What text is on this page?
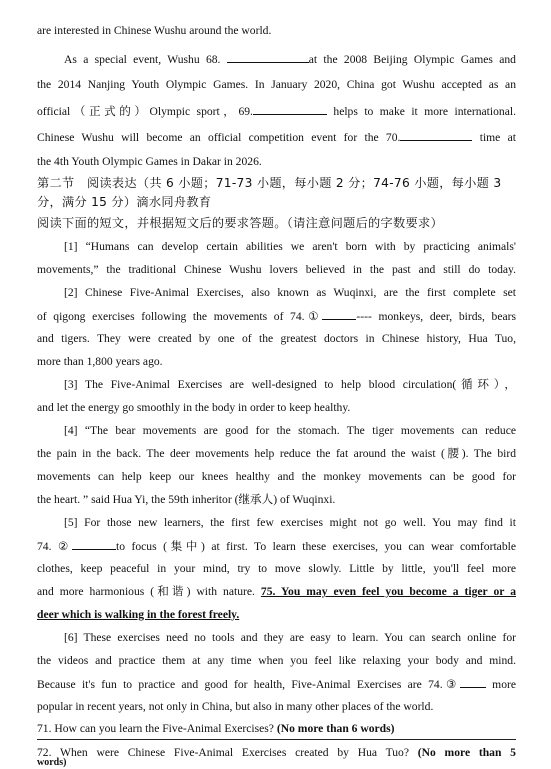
are interested in Chinese Wushu around the world.
As a special event, Wushu 68.	at the 2008 Beijing Olympic Games and
the 2014 Nanjing Youth Olympic Games. In January 2020, China got Wushu accepted as an
official（正式的）Olympic sport，69.	helps to make it more international.
Chinese Wushu will become an official competition event for the 70.	time at
the 4th Youth Olympic Games in Dakar in 2026.
第二节　阅读表达（共 6 小题；71-73 小题，每小题 2 分；74-76 小题，每小题 3
分，满分 15 分）滴水同舟教育
阅读下面的短文，并根据短文后的要求答题。（请注意问题后的字数要求）
[1] “Humans can develop certain abilities we aren't born with by practicing animals'
movements,” the traditional Chinese Wushu lovers believed in the past and still do today.
[2] Chinese Five-Animal Exercises, also known as Wuqinxi, are the first complete set
of qigong exercises following the movements of 74.①	---- monkeys, deer, birds, bears
and tigers. They were created by one of the greatest doctors in Chinese history, Hua Tuo,
more than 1,800 years ago.
[3] The Five-Animal Exercises are well-designed to help blood circulation(循环），
and let the energy go smoothly in the body in order to keep healthy.
[4] “The bear movements are good for the stomach. The tiger movements can reduce
the pain in the back. The deer movements help reduce the fat around the waist (腰). The bird
movements can help keep our knees healthy and the monkey movements can be good for
the heart. ” said Hua Yi, the 59th inheritor (继承人) of Wuqinxi.
[5] For those new learners, the first few exercises might not go well. You may find it
74. ②	to focus (集中) at first. To learn these exercises, you can wear comfortable
clothes, keep peaceful in your mind, try to move slowly. Little by little, you'll feel more
and more harmonious (和谐) with nature. 75. You may even feel you become a tiger or a
deer which is walking in the forest freely.
[6] These exercises need no tools and they are easy to learn. You can search online for
the videos and practice them at any time when you feel like relaxing your body and mind.
Because it's fun to practice and good for health, Five-Animal Exercises are 74.③	more
popular in recent years, not only in China, but also in many other places of the world.
71. How can you learn the Five-Animal Exercises? (No more than 6 words)
72. When were Chinese Five-Animal Exercises created by Hua Tuo? (No more than 5
words)
